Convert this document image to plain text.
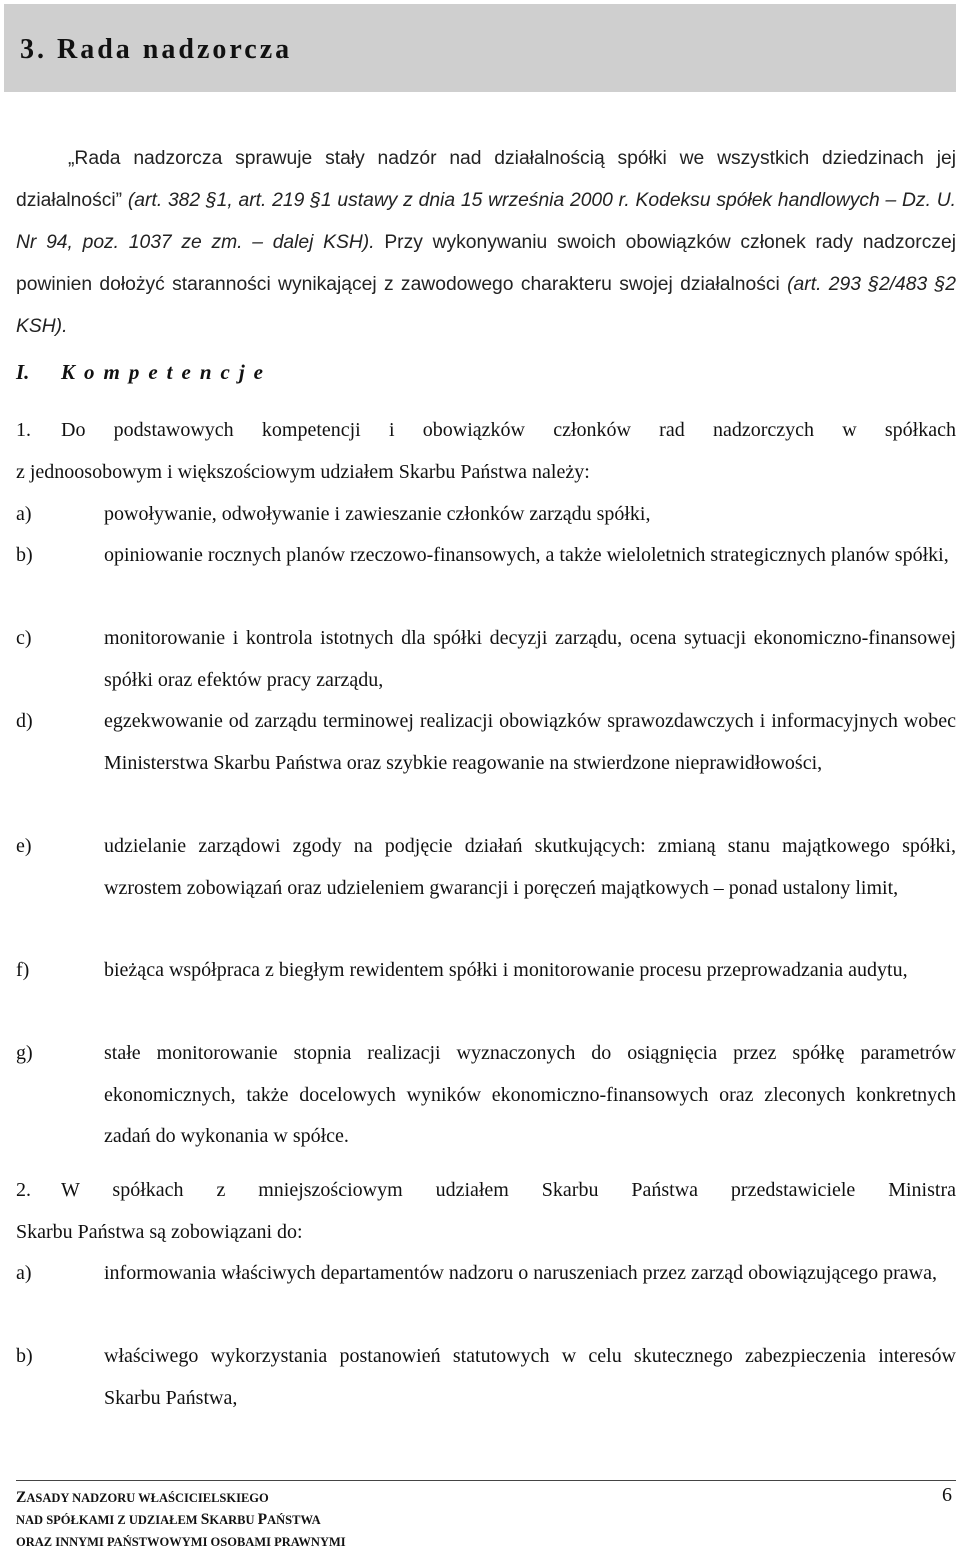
3. Rada nadzorcza

„Rada nadzorcza sprawuje stały nadzór nad działalnością spółki we wszystkich dziedzinach jej działalności” (art. 382 §1, art. 219 §1 ustawy z dnia 15 września 2000 r. Kodeksu spółek handlowych – Dz. U. Nr 94, poz. 1037 ze zm. – dalej KSH). Przy wykonywaniu swoich obowiązków członek rady nadzorczej powinien dołożyć staranności wynikającej z zawodowego charakteru swojej działalności (art. 293 §2/483 §2 KSH).

I. Kompetencje
1.	Do podstawowych kompetencji i obowiązków członków rad nadzorczych w spółkach
z jednoosobowym i większościowym udziałem Skarbu Państwa należy:
a)	powoływanie, odwoływanie i zawieszanie członków zarządu spółki,
b)	opiniowanie rocznych planów rzeczowo-finansowych, a także wieloletnich strategicznych planów spółki,
c)	monitorowanie i kontrola istotnych dla spółki decyzji zarządu, ocena sytuacji ekonomiczno-finansowej spółki oraz efektów pracy zarządu,
d)	egzekwowanie od zarządu terminowej realizacji obowiązków sprawozdawczych i informacyjnych wobec Ministerstwa Skarbu Państwa oraz szybkie reagowanie na stwierdzone nieprawidłowości,
e)	udzielanie zarządowi zgody na podjęcie działań skutkujących: zmianą stanu majątkowego spółki, wzrostem zobowiązań oraz udzieleniem gwarancji i poręczeń majątkowych – ponad ustalony limit,
f)	bieżąca współpraca z biegłym rewidentem spółki i monitorowanie procesu przeprowadzania audytu,
g)	stałe monitorowanie stopnia realizacji wyznaczonych do osiągnięcia przez spółkę parametrów ekonomicznych, także docelowych wyników ekonomiczno-finansowych oraz zleconych konkretnych zadań do wykonania w spółce.
2.	W spółkach z mniejszościowym udziałem Skarbu Państwa przedstawiciele Ministra
Skarbu Państwa są zobowiązani do:
a)	informowania właściwych departamentów nadzoru o naruszeniach przez zarząd obowiązującego prawa,
b)	właściwego wykorzystania postanowień statutowych w celu skutecznego zabezpieczenia interesów Skarbu Państwa,

ZASADY NADZORU WŁAŚCICIELSKIEGO

NAD SPÓŁKAMI Z UDZIAŁEM SKARBU PAŃSTWA

ORAZ INNYMI PAŃSTWOWYMI OSOBAMI PRAWNYMI

6
